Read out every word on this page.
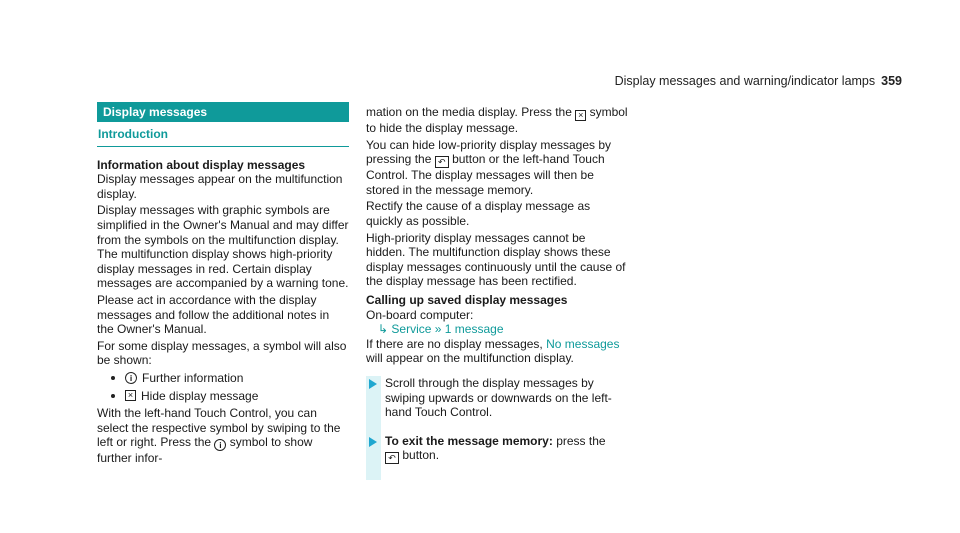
Display messages and warning/indicator lamps 359
Display messages
Introduction

Information about display messages

Display messages appear on the multifunction display.

Display messages with graphic symbols are simplified in the Owner's Manual and may differ from the symbols on the multifunction display. The multifunction display shows high-priority display messages in red. Certain display messages are accompanied by a warning tone.

Please act in accordance with the display messages and follow the additional notes in the Owner's Manual.

For some display messages, a symbol will also be shown:

i Further information
× Hide display message

With the left-hand Touch Control, you can select the respective symbol by swiping to the left or right. Press the i symbol to show further infor-

mation on the media display. Press the × symbol to hide the display message.

You can hide low-priority display messages by pressing the ↶ button or the left-hand Touch Control. The display messages will then be stored in the message memory.

Rectify the cause of a display message as quickly as possible.

High-priority display messages cannot be hidden. The multifunction display shows these display messages continuously until the cause of the display message has been rectified.

Calling up saved display messages

On-board computer:

↳ Service » 1 message

If there are no display messages, No messages will appear on the multifunction display.

Scroll through the display messages by swiping upwards or downwards on the left-hand Touch Control.
To exit the message memory: press the
↶ button.
